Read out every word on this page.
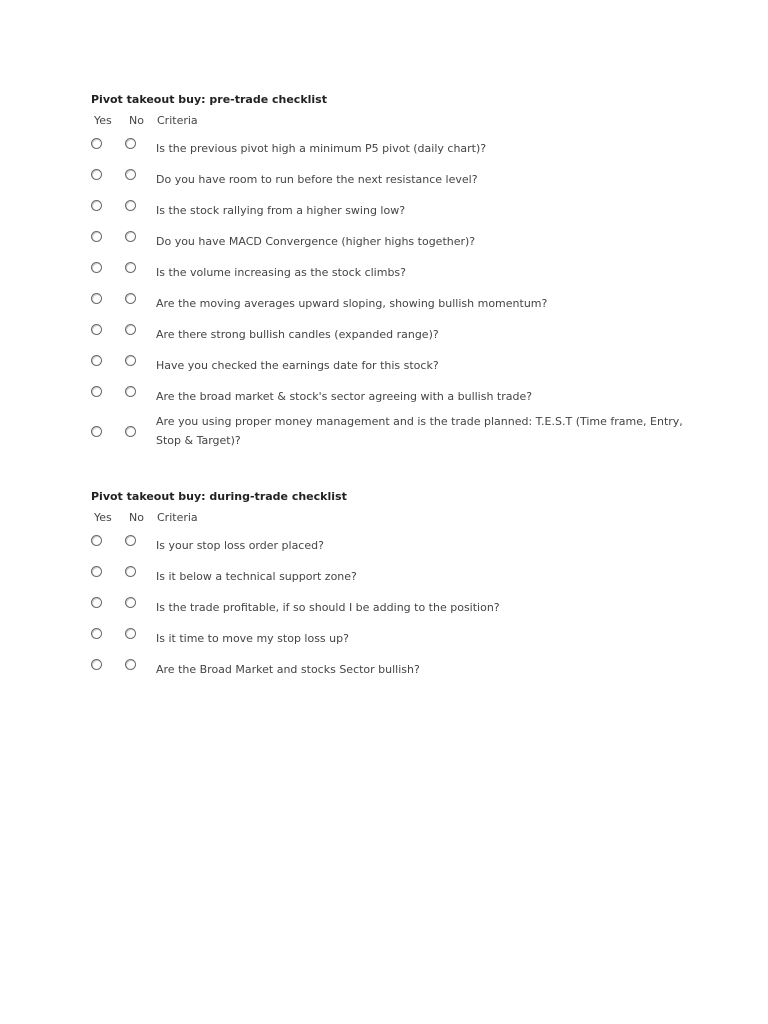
Pivot takeout buy: pre-trade checklist
Yes No Criteria
Is the previous pivot high a minimum P5 pivot (daily chart)?
Do you have room to run before the next resistance level?
Is the stock rallying from a higher swing low?
Do you have MACD Convergence (higher highs together)?
Is the volume increasing as the stock climbs?
Are the moving averages upward sloping, showing bullish momentum?
Are there strong bullish candles (expanded range)?
Have you checked the earnings date for this stock?
Are the broad market & stock's sector agreeing with a bullish trade?
Are you using proper money management and is the trade planned: T.E.S.T (Time frame, Entry, Stop & Target)?
Pivot takeout buy: during-trade checklist
Yes No Criteria
Is your stop loss order placed?
Is it below a technical support zone?
Is the trade profitable, if so should I be adding to the position?
Is it time to move my stop loss up?
Are the Broad Market and stocks Sector bullish?
